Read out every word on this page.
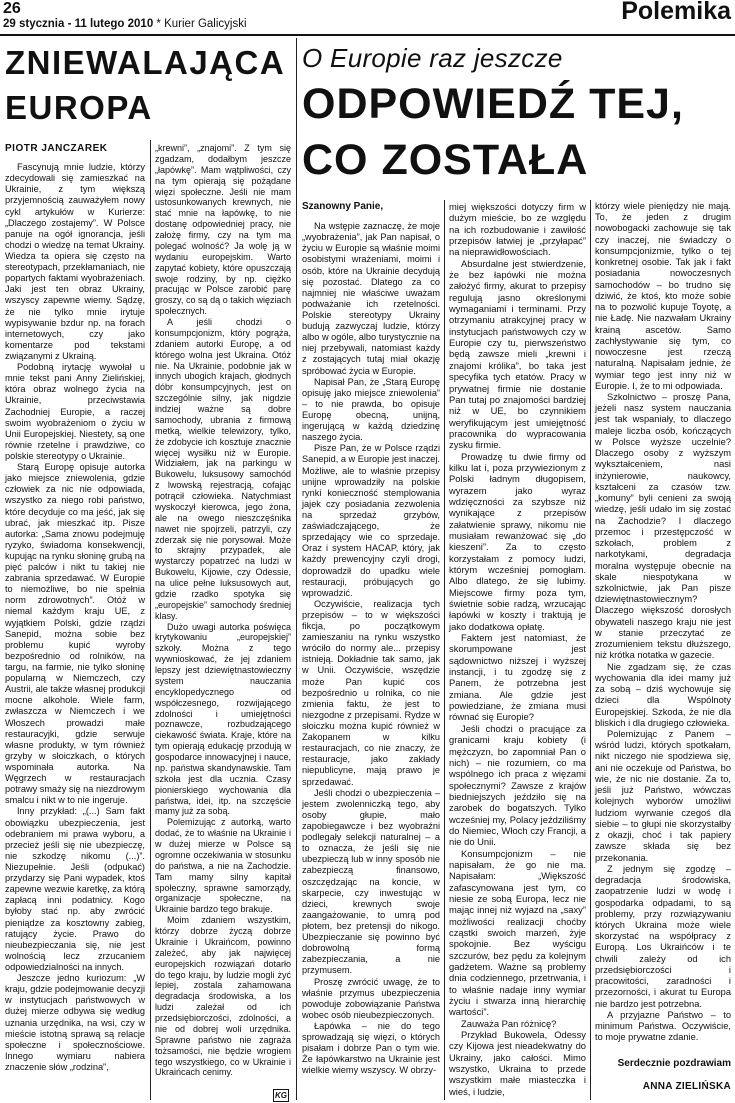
26
29 stycznia - 11 lutego 2010 * Kurier Galicyjski	Polemika
ZNIEWALAJĄCA EUROPA
PIOTR JANCZAREK

Fascynują mnie ludzie, którzy zdecydowali się zamieszkać na Ukrainie, z tym większą przyjemnością zauważyłem nowy cykl artykułów w Kurierze: „Dlaczego zostajemy”. W Polsce panuje na ogół ignorancja, jeśli chodzi o wiedzę na temat Ukrainy. Wiedza ta opiera się często na stereotypach, przekłamaniach, nie popartych faktami wyobrażeniach. Jaki jest ten obraz Ukrainy, wszyscy zapewne wiemy. Sądzę, że nie tylko mnie irytuje wypisywanie bzdur np. na forach internetowych, czy jako komentarze pod tekstami związanymi z Ukrainą.

Podobną irytację wywołał u mnie tekst pani Anny Zielińskiej, która obraz wolnego życia na Ukrainie, przeciwstawia Zachodniej Europie, a raczej swoim wyobrażeniom o życiu w Unii Europejskiej. Niestety, są one równie rzetelne i prawdziwe, co polskie stereotypy o Ukrainie.

Starą Europę opisuje autorka jako miejsce zniewolenia, gdzie człowiek za nic nie odpowiada, wszystko za niego robi państwo, które decyduje co ma jeść, jak się ubrać, jak mieszkać itp. Pisze autorka: „Sama znowu podejmuję ryzyko, świadoma konsekwencji, kupując na rynku słoninę grubą na pięć palców i nikt tu takiej nie zabrania sprzedawać. W Europie to niemożliwe, bo nie spełnia norm zdrowotnych”. Otóż w niemal każdym kraju UE, z wyjątkiem Polski, gdzie rządzi Sanepid, można sobie bez problemu kupić wyroby bezpośrednio od rolników, na targu, na farmie, nie tylko słoninę popularną w Niemczech, czy Austrii, ale także własnej produkcji mocne alkohole. Wiele farm, zwłaszcza w Niemczech i we Włoszech prowadzi małe restauracyjki, gdzie serwuje własne produkty, w tym również grzyby w słoiczkach, o których wspominała autorka. Na Węgrzech w restauracjach potrawy smaży się na niezdrowym smalcu i nikt w to nie ingeruje.

Inny przykład: „(...) Sam fakt obowiązku ubezpieczenia, jest odebraniem mi prawa wyboru, a przecież jeśli się nie ubezpieczę, nie szkodzę nikomu (...)”. Niezupełnie. Jeśli (odpukać) przydarzy się Pani wypadek, ktoś zapewne wezwie karetkę, za którą zapłacą inni podatnicy. Kogo byłoby stać np. aby zwrócić pieniądze za kosztowny zabieg, ratujący życie. Prawo do nieubezpieczania się, nie jest wolnością lecz zrzucaniem odpowiedzialności na innych.

Jeszcze jedno kuriozum: „W kraju, gdzie podejmowanie decyzji w instytucjach państwowych w dużej mierze odbywa się według uznania urzędnika, na wsi, czy w mieście istotną sprawą są relacje społeczne i społecznościowe. Innego wymiaru nabiera znaczenie słów „rodzina”,

„krewni”, „znajomi”. Z tym się zgadzam, dodałbym jeszcze „łapówkę”. Mam wątpliwości, czy na tym opierają się pożądane więzi społeczne. Jeśli nie mam ustosunkowanych krewnych, nie stać mnie na łapówkę, to nie dostanę odpowiedniej pracy, nie założę firmy, czy na tym ma polegać wolność? Ja wolę ją w wydaniu europejskim. Warto zapytać kobiety, które opuszczają swoje rodziny, by np. ciężko pracując w Polsce zarobić parę groszy, co są dą o takich więziach społecznych.

A jeśli chodzi o konsumpcjonizm, który pogrąża, zdaniem autorki Europę, a od którego wolna jest Ukraina. Otóż nie. Na Ukrainie, podobnie jak w innych ubogich krajach, głodnych dóbr konsumpcyjnych, jest on szczególnie silny, jak nigdzie indziej ważne są dobre samochody, ubrania z firmową metką, wielkie telewizory, tylko, że zdobycie ich kosztuje znacznie więcej wysiłku niż w Europie. Widziałem, jak na parkingu w Bukowelu, luksusowy samochód z lwowską rejestracją, cofając potrącił człowieka. Natychmiast wyskoczył kierowca, jego żona, ale na owego nieszczęśnika nawet nie spojrzeli, patrzyli, czy zderzak się nie porysował. Może to skrajny przypadek, ale wystarczy popatrzeć na ludzi w Bukowelu, Kijowie, czy Odessie, na ulice pełne luksusowych aut, gdzie rzadko spotyka się „europejskie” samochody średniej klasy.

Dużo uwagi autorka poświęca krytykowaniu „europejskiej” szkoły. Można z tego wywnioskować, że jej zdaniem lepszy jest dziewiętnastowieczny system nauczania encyklopedycznego od współczesnego, rozwijającego zdolności i umiejętności poznawcze, rozbudzającego ciekawość świata. Kraje, które na tym opierają edukację przodują w gospodarce innowacyjnej i nauce, np. państwa skandynawskie. Tam szkoła jest dla ucznia. Czasy pionierskiego wychowania dla państwa, idei, itp. na szczęście mamy już za sobą.

Polemizując z autorką, warto dodać, że to właśnie na Ukrainie i w dużej mierze w Polsce są ogromne oczekiwania w stosunku do państwa, a nie na Zachodzie. Tam mamy silny kapitał społeczny, sprawne samorządy, organizacje społeczne, na Ukrainie bardzo tego brakuje.

Moim zdaniem wszystkim, którzy dobrze życzą dobrze Ukrainie i Ukraińcom, powinno zależeć, aby jak najwięcej europejskich rozwiązań dotarło do tego kraju, by ludzie mogli żyć lepiej, zostala zahamowana degradacja środowiska, a los ludzi zależał od ich przedsiębiorczości, zdolności, a nie od dobrej woli urzędnika. Sprawne państwo nie zagraża tożsamości, nie będzie wrogiem tego wszystkiego, co w Ukrainie i Ukraińcach cenimy.

O Europie raz jeszcze
ODPOWIEDŹ TEJ, CO ZOSTAŁA
Szanowny Panie,

Na wstępie zaznaczę, że moje „wyobrażenia”, jak Pan napisał, o życiu w Europie są właśnie moimi osobistymi wrażeniami, moimi i osób, które na Ukrainie decydują się pozostać. Dlatego za co najmniej nie właściwe uważam podważanie ich rzetelności. Polskie stereotypy Ukrainy budują zazwyczaj ludzie, którzy albo w ogóle, albo turystycznie na niej przebywali, natomiast każdy z zostających tutaj miał okazję spróbować życia w Europie.

Napisał Pan, że „Starą Europę opisuję jako miejsce zniewolenia” – to nie prawda, bo opisuje Europę obecną, unijną, ingerującą w każdą dziedzinę naszego życia.

Pisze Pan, że w Polsce rządzi Sanepid, a w Europie jest inaczej. Możliwe, ale to właśnie przepisy unijne wprowadziły na polskie rynki konieczność stemplowania jajek czy posiadania zezwolenia na sprzedaż grzybów, zaświadczającego, że sprzedający wie co sprzedaje. Oraz i system HACAP, który, jak każdy prewencyjny czyli drogi, doprowadził do upadku wiele restauracji, próbujących go wprowadzić.

Oczywiście, realizacja tych przepisów – to w większości fikcja, po początkowym zamieszaniu na rynku wszystko wróciło do normy ale... przepisy istnieją. Dokładnie tak samo, jak w Unii. Oczywiście, wszędzie może Pan kupić cos bezpośrednio u rolnika, co nie zmienia faktu, że jest to niezgodne z przepisami. Rydze w słoiczku można kupić również w Zakopanem w kilku restauracjach, co nie znaczy, że restauracje, jako zakłady niepublicyne, mają prawo je sprzedawać.

Jeśli chodzi o ubezpieczenia – jestem zwolenniczką tego, aby osoby głupie, mało zapobiegawcze i bez wyobraźni podlegały selekcji naturalnej – a to oznacza, że jeśli się nie ubezpieczą lub w inny sposób nie zabezpieczą finansowo, oszczędzając na koncie, w skarpecie, czy inwestując w dzieci, krewnych swoje zaangażowanie, to umrą pod płotem, bez pretensji do nikogo. Ubezpieczanie się powinno być dobrowolną formą zabezpieczania, a nie przymusem.

Proszę zwrócić uwagę, że to właśnie przymus ubezpieczenia powoduje zobowiązanie Państwa wobec osób nieubezpieczonych.

Łapówka – nie do tego sprowadzają się więzi, o których pisałam i dobrze Pan o tym wie. Że łapówkarstwo na Ukrainie jest wielkie wiemy wszyscy. W obrzy-

miej większości dotyczy firm w dużym mieście, bo ze względu na ich rozbudowanie i zawiłość przepisów łatwiej je „przyłapać” na nieprawidłowościach.

Absurdalne jest stwierdzenie, że bez łapówki nie można założyć firmy, akurat to przepisy regulują jasno określonymi wymaganiami i terminami. Przy otrzymaniu atrakcyjnej pracy w instytucjach państwowych czy w Europie czy tu, pierwszeństwo będą zawsze mieli „krewni i znajomi królika”, bo taka jest specyfika tych etatów. Pracy w prywatnej firmie nie dostanie Pan tutaj po znajomości bardziej niż w UE, bo czynnikiem weryfikującym jest umiejętność pracownika do wypracowania zysku firmie.

Prowadzę tu dwie firmy od kilku lat i, poza przywiezionym z Polski ładnym długopisem, wyrazem jako wyraz wdzięczności za szybsze niż wynikające z przepisów załatwienie sprawy, nikomu nie musiałam rewanżować się „do kieszeni”. Za to często korzystałam z pomocy ludzi, którym wcześniej pomogłam. Albo dlatego, że się lubimy. Miejscowe firmy poza tym, świetnie sobie radzą, wrzucając łapówki w koszty i traktują je jako dodatkowa opłatę.

Faktem jest natomiast, że skorumpowane jest sądownictwo niższej i wyższej instancji, i tu zgodzę się z Panem, że potrzebna jest zmiana. Ale gdzie jest powiedziane, że zmiana musi równać się Europie?

Jeśli chodzi o pracujące za granicami kraju kobiety (i mężczyzn, bo zapomniał Pan o nich) – nie rozumiem, co ma wspólnego ich praca z więzami społecznymi? Zawsze z krajów biedniejszych jeździło się na zarobek do bogatszych. Tylko wcześniej my, Polacy jeździliśmy do Niemiec, Włoch czy Francji, a nie do Unii.

Konsumpcjonizm – nie napisałam, że go nie ma. Napisałam: „Większość zafascynowana jest tym, co niesie ze sobą Europa, lecz nie mając innej niż wyjazd na „saxy” możliwości realizacji choćby cząstki swoich marzeń, żyje spokojnie. Bez wyścigu szczurów, bez pędu za kolejnym gadżetem. Ważne są problemy dnia codziennego, przetrwania, i to właśnie nadaje inny wymiar życiu i stwarza inną hierarchię wartości”.

Zauważa Pan różnicę?

Przykład Bukowela, Odessy czy Kijowa jest nieadekwatny do Ukrainy, jako całości. Mimo wszystko, Ukraina to przede wszystkim małe miasteczka i wieś, i ludzie,

którzy wiele pieniędzy nie mają. To, że jeden z drugim nowobogacki zachowuje się tak czy inaczej, nie świadczy o konsumpcjonizmie, tylko o tej konkretnej osobie. Tak jak i fakt posiadania nowoczesnych samochodów – bo trudno się dziwić, że ktoś, kto może sobie na to pozwolić kupuje Toyotę, a nie Ładę. Nie nazwałam Ukrainy krainą ascetów. Samo zachłystywanie się tym, co nowoczesne jest rzeczą naturalną. Napisałam jednie, że wymiar tego jest inny niż w Europie. I, że to mi odpowiada.

Szkolnictwo – proszę Pana, jeżeli nasz system nauczania jest tak wspaniały, to dlaczego maleje liczba osób, kończących w Polsce wyższe uczelnie? Dlaczego osoby z wyższym wykształceniem, nasi inżynierowie, naukowcy, kształceni za czasów tzw. „komuny” byli cenieni za swoją wiedzę, jeśli udało im się zostać na Zachodzie? I dlaczego przemoc i przestępczość w szkołach, problem z narkotykami, degradacja moralna występuje obecnie na skale niespotykana w szkolnictwie, jak Pan pisze dziewiętnastowiecznym? Dlaczego większość dorosłych obywateli naszego kraju nie jest w stanie przeczytać ze zrozumieniem tekstu dłuższego, niż krótka notatka w gazecie.

Nie zgadzam się, że czas wychowania dla idei mamy już za sobą – dziś wychowuje się dzieci dla Wspólnoty Europejskiej. Szkoda, że nie dla bliskich i dla drugiego człowieka.

Polemizując z Panem – wśród ludzi, których spotkałam, nikt niczego nie spodziewa się, ani nie oczekuje od Państwa, bo wie, że nic nie dostanie. Za to, jeśli już Państwo, wówczas kolejnych wyborów umożliwi ludziom wyrwanie czegoś dla siebie – to głupi nie skorzystałby z okazji, choć i tak papiery zawsze składa się bez przekonania.

Z jednym się zgodzę – degradacja środowiska, zaopatrzenie ludzi w wodę i gospodarka odpadami, to są problemy, przy rozwiązywaniu których Ukraina może wiele skorzystać na współpracy z Europą. Los Ukraińców i te chwili zależy od ich przedsiębiorczości i pracowitości, zaradności i przezorności, i akurat tu Europa nie bardzo jest potrzebna.

A przyjazne Państwo – to minimum Państwa. Oczywiście, to moje prywatne zdanie.

Serdecznie pozdrawiam
ANNA ZIELIŃSKA
KG
